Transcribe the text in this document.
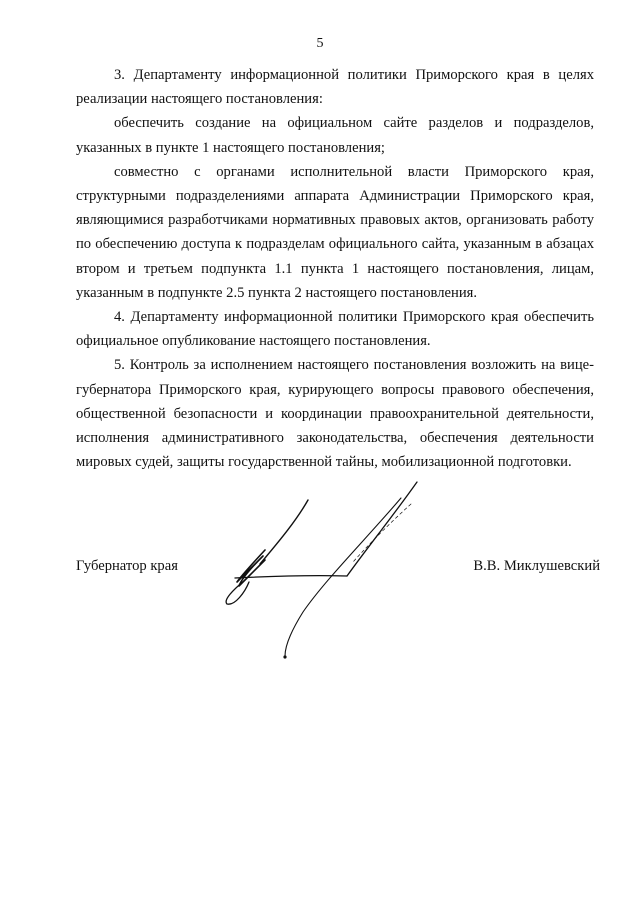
5

3. Департаменту информационной политики Приморского края в целях реализации настоящего постановления:

обеспечить создание на официальном сайте разделов и подразделов, указанных в пункте 1 настоящего постановления;

совместно с органами исполнительной власти Приморского края, структурными подразделениями аппарата Администрации Приморского края, являющимися разработчиками нормативных правовых актов, организовать работу по обеспечению доступа к подразделам официального сайта, указанным в абзацах втором и третьем подпункта 1.1 пункта 1 настоящего постановления, лицам, указанным в подпункте 2.5 пункта 2 настоящего постановления.

4. Департаменту информационной политики Приморского края обеспечить официальное опубликование настоящего постановления.

5. Контроль за исполнением настоящего постановления возложить на вице-губернатора Приморского края, курирующего вопросы правового обеспечения, общественной безопасности и координации правоохранительной деятельности, исполнения административного законодательства, обеспечения деятельности мировых судей, защиты государственной тайны, мобилизационной подготовки.

Губернатор края	В.В. Миклушевский
